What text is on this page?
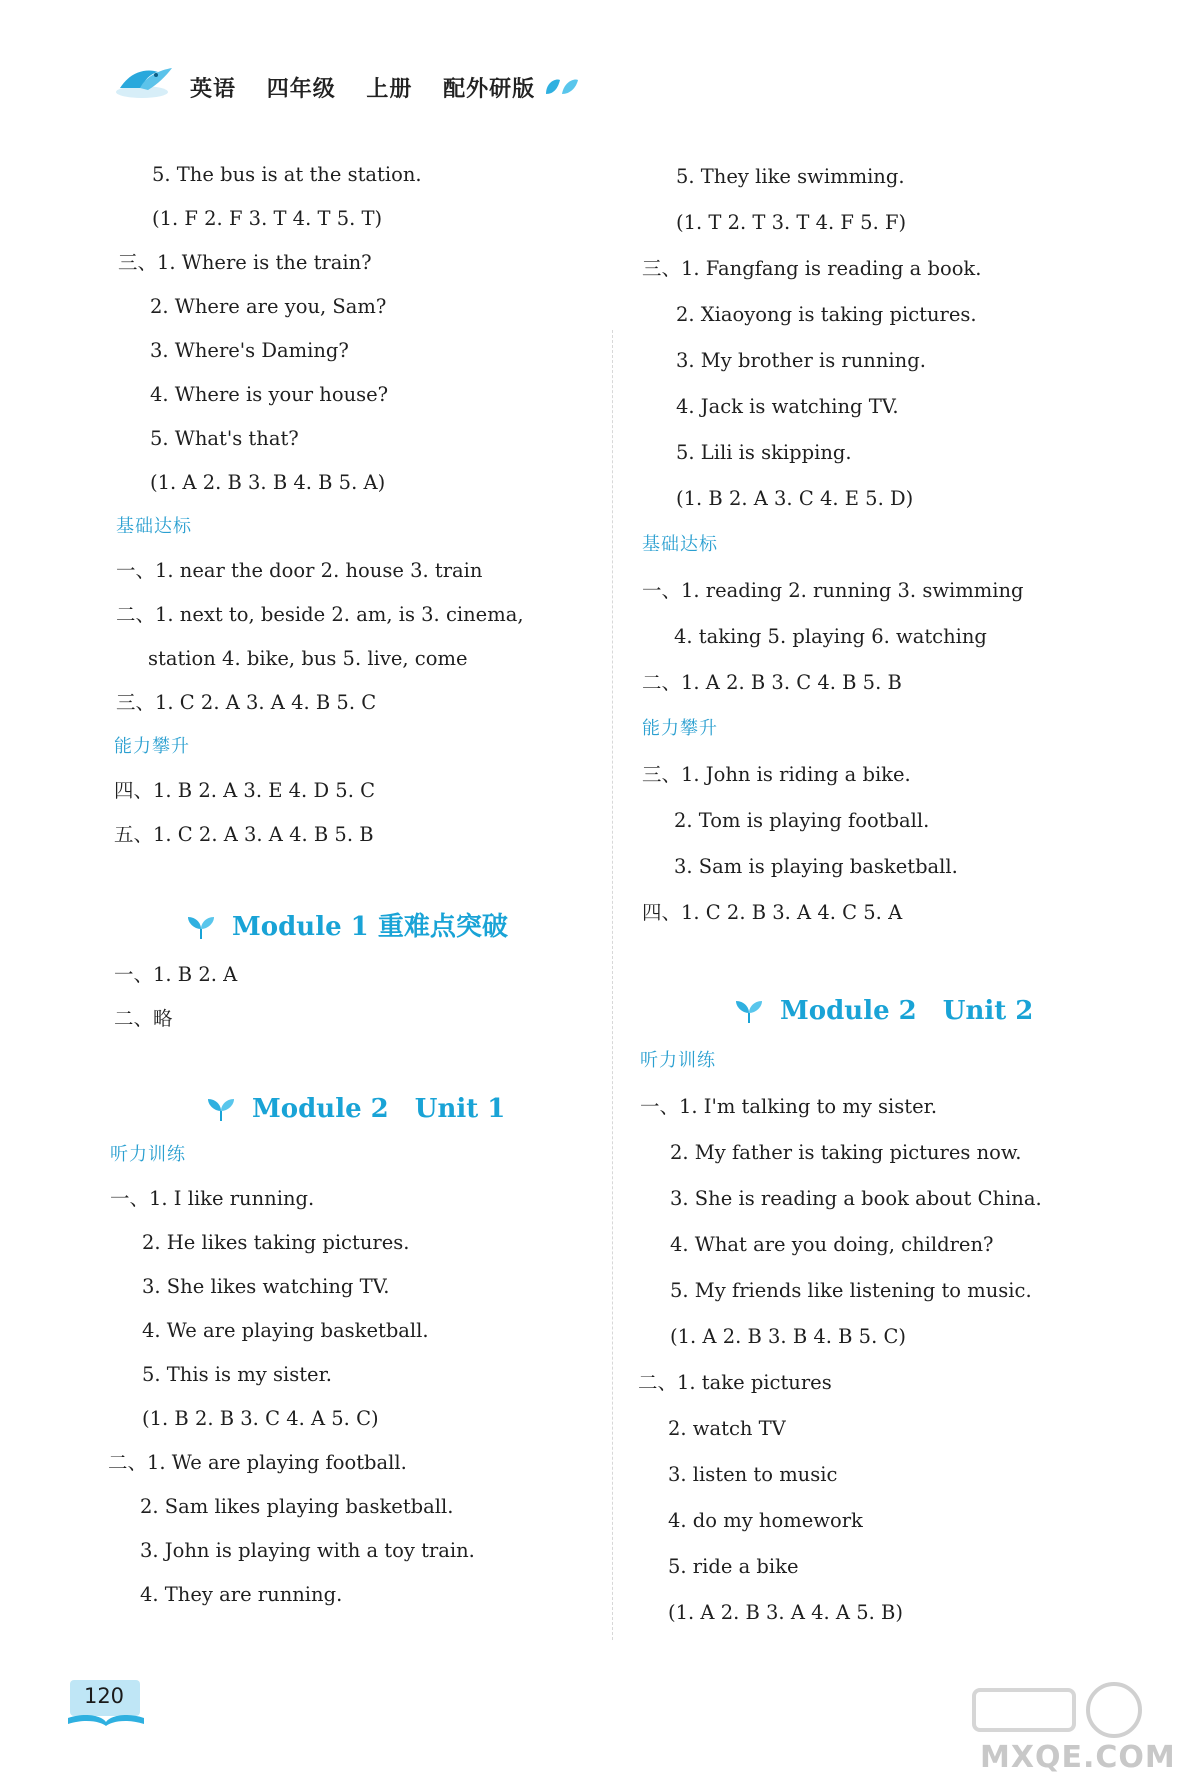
英语 四年级 上册 配外研版
5. The bus is at the station.
(1. F 2. F 3. T 4. T 5. T)
三、1. Where is the train?
2. Where are you, Sam?
3. Where's Daming?
4. Where is your house?
5. What's that?
(1. A 2. B 3. B 4. B 5. A)
基础达标
一、1. near the door 2. house 3. train
二、1. next to, beside 2. am, is 3. cinema,
station 4. bike, bus 5. live, come
三、1. C 2. A 3. A 4. B 5. C
能力攀升
四、1. B 2. A 3. E 4. D 5. C
五、1. C 2. A 3. A 4. B 5. B
Module 1 重难点突破
一、1. B 2. A
二、略
Module 2 Unit 1
听力训练
一、1. I like running.
2. He likes taking pictures.
3. She likes watching TV.
4. We are playing basketball.
5. This is my sister.
(1. B 2. B 3. C 4. A 5. C)
二、1. We are playing football.
2. Sam likes playing basketball.
3. John is playing with a toy train.
4. They are running.
5. They like swimming.
(1. T 2. T 3. T 4. F 5. F)
三、1. Fangfang is reading a book.
2. Xiaoyong is taking pictures.
3. My brother is running.
4. Jack is watching TV.
5. Lili is skipping.
(1. B 2. A 3. C 4. E 5. D)
基础达标
一、1. reading 2. running 3. swimming
4. taking 5. playing 6. watching
二、1. A 2. B 3. C 4. B 5. B
能力攀升
三、1. John is riding a bike.
2. Tom is playing football.
3. Sam is playing basketball.
四、1. C 2. B 3. A 4. C 5. A
Module 2 Unit 2
听力训练
一、1. I'm talking to my sister.
2. My father is taking pictures now.
3. She is reading a book about China.
4. What are you doing, children?
5. My friends like listening to music.
(1. A 2. B 3. B 4. B 5. C)
二、1. take pictures
2. watch TV
3. listen to music
4. do my homework
5. ride a bike
(1. A 2. B 3. A 4. A 5. B)
120
MXQE.COM
